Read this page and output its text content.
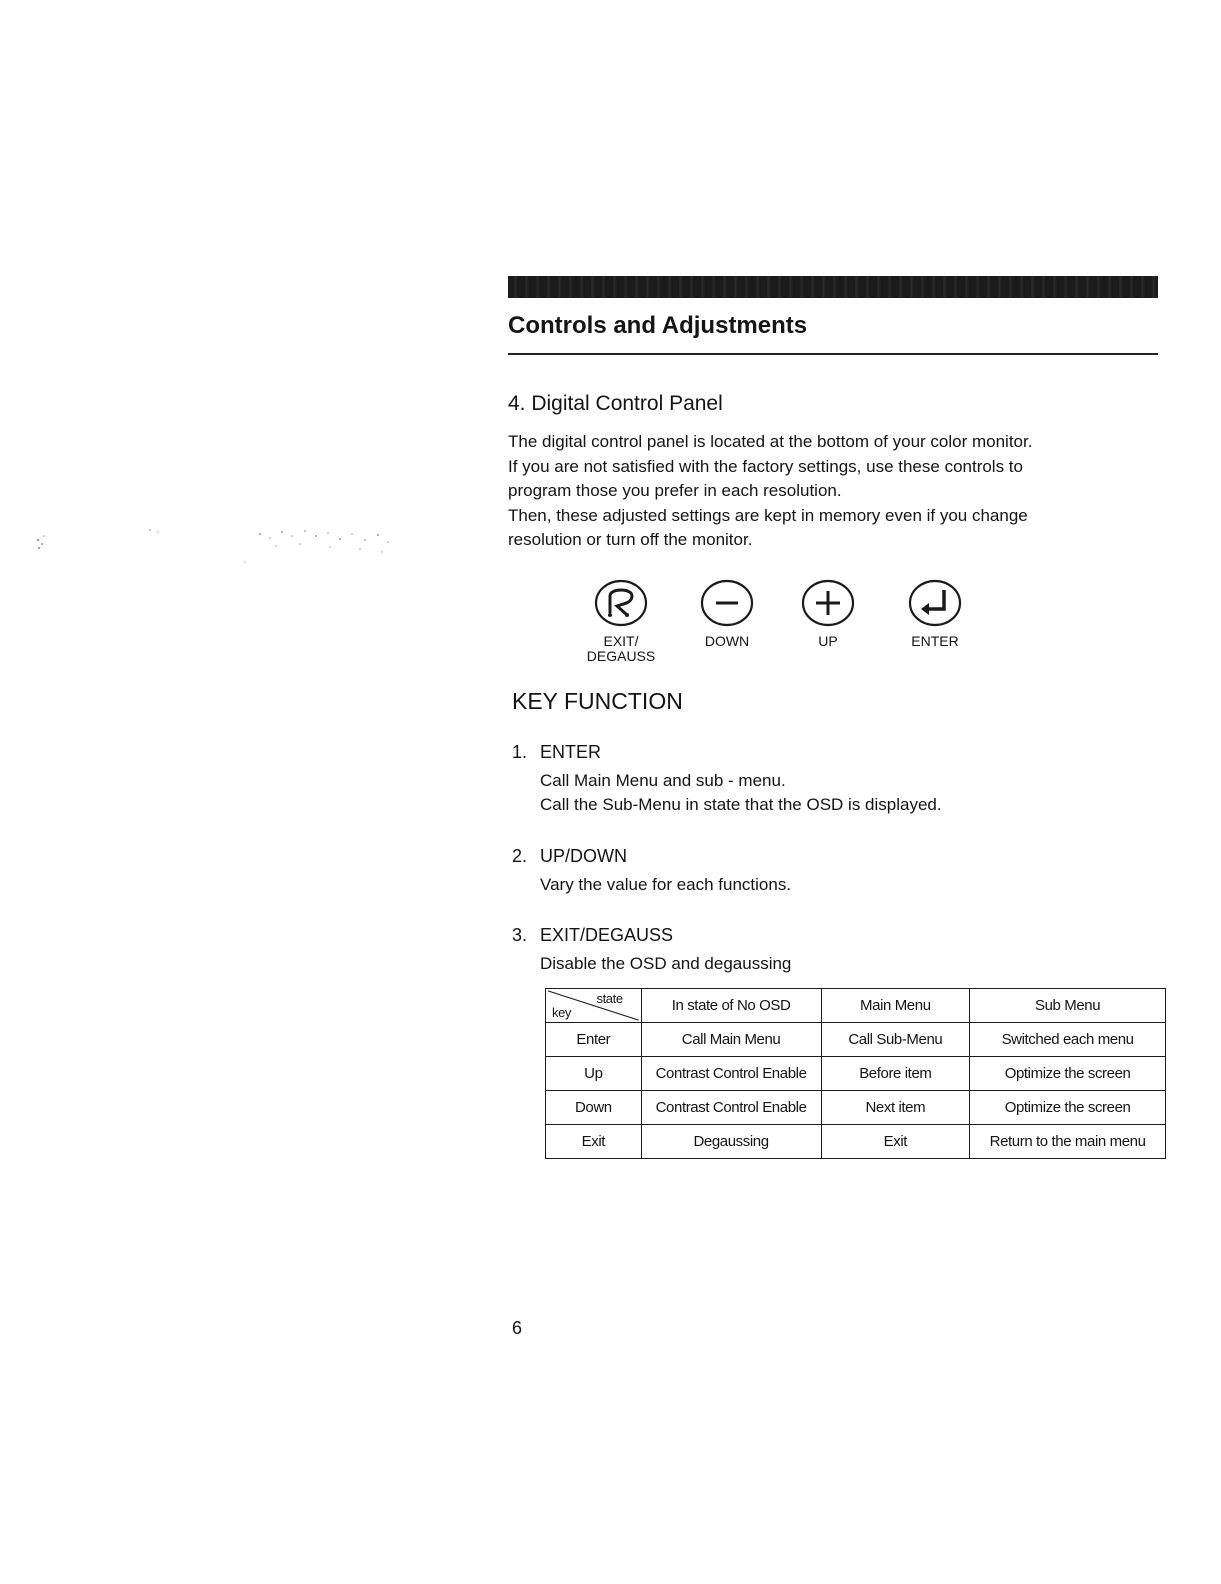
Controls and Adjustments
4. Digital Control Panel
The digital control panel is located at the bottom of your color monitor.
If you are not satisfied with the factory settings, use these controls to
program those you prefer in each resolution.
Then, these adjusted settings are kept in memory even if you change
resolution or turn off the monitor.
EXIT/
DEGAUSS
DOWN	UP	ENTER
KEY FUNCTION
1. ENTER
Call Main Menu and sub - menu.
Call the Sub-Menu in state that the OSD is displayed.
2. UP/DOWN
Vary the value for each functions.
3. EXIT/DEGAUSS
Disable the OSD and degaussing
state
key	In state of No OSD	Main Menu	Sub Menu
Enter	Call Main Menu	Call Sub-Menu	Switched each menu
Up	Contrast Control Enable	Before item	Optimize the screen
Down	Contrast Control Enable	Next item	Optimize the screen
Exit	Degaussing	Exit	Return to the main menu
6
